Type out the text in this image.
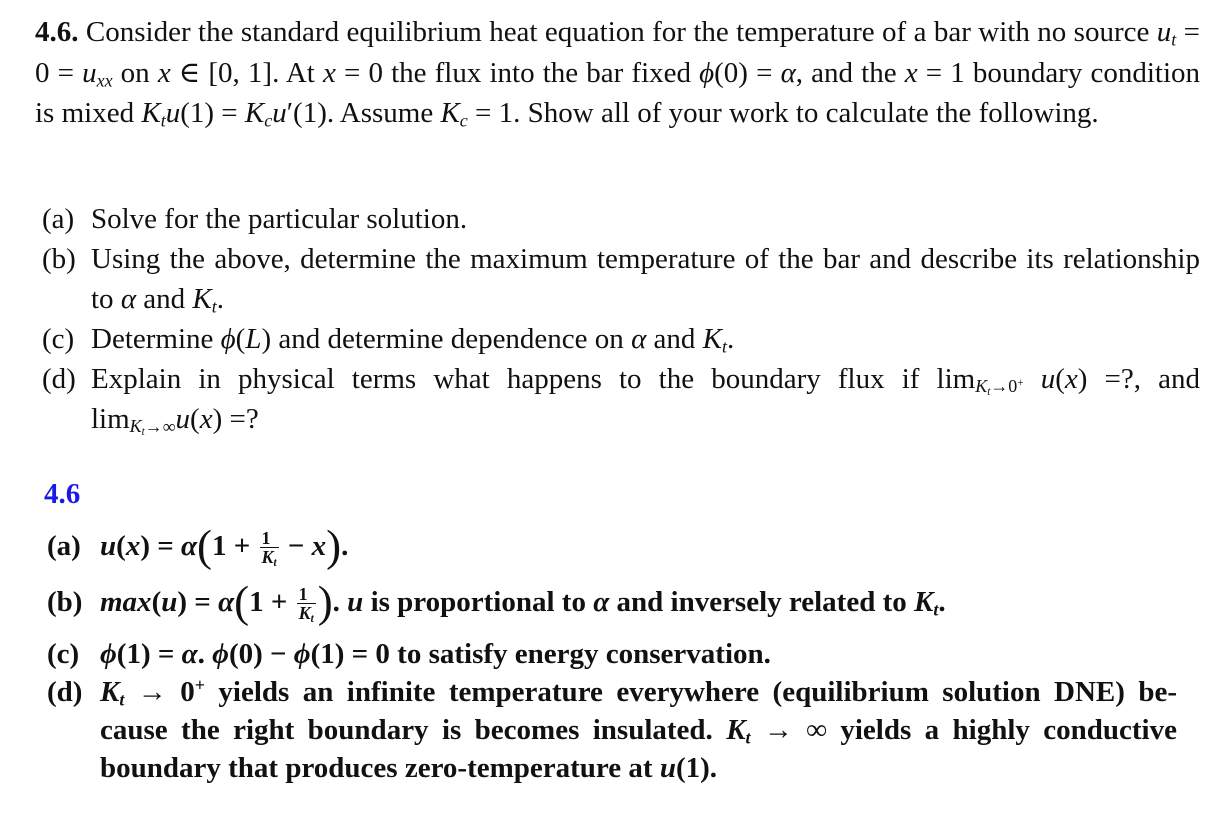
4.6. Consider the standard equilibrium heat equation for the temperature of a bar with no source $u_t = 0 = u_{xx}$ on x ∈ [0, 1]. At x = 0 the flux into the bar fixed ϕ(0) = α, and the x = 1 boundary condition is mixed $K_tu(1) = K_cu'(1)$. Assume $K_c = 1$. Show all of your work to calculate the following.
(a) Solve for the particular solution.
(b) Using the above, determine the maximum temperature of the bar and describe its relationship to α and $K_t$.
(c) Determine ϕ(L) and determine dependence on α and $K_t$.
(d) Explain in physical terms what happens to the boundary flux if $\lim_{K_t\to 0^+} u(x)$ =?, and $\lim_{K_t\to\infty}u(x)$ =?
4.6
(a) $u(x) = \alpha(1 + \frac{1}{K_t} - x)$.
(b) $\max(u) = \alpha(1 + \frac{1}{K_t}$ ). u is proportional to α and inversely related to $K_t$.
(c) ϕ(1) = α. ϕ(0) − ϕ(1) = 0 to satisfy energy conservation.
(d) $K_t \to 0^+$ yields an infinite temperature everywhere (equilibrium solution DNE) be- cause the right boundary is becomes insulated. $K_t$ → ∞ yields a highly conductive boundary that produces zero-temperature at u(1).
